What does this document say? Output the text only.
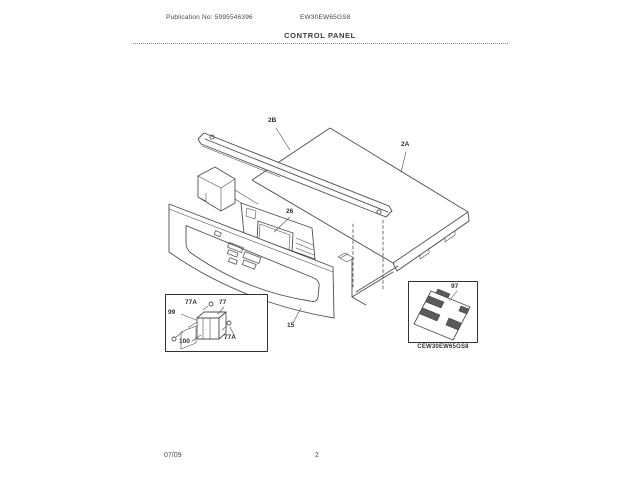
Publication No: 5995546396	EW30EW65GS8
CONTROL PANEL
2B
2A
26
15
77A	77
99
100
77A
97
CEW30EW65GS8
07/09	2
